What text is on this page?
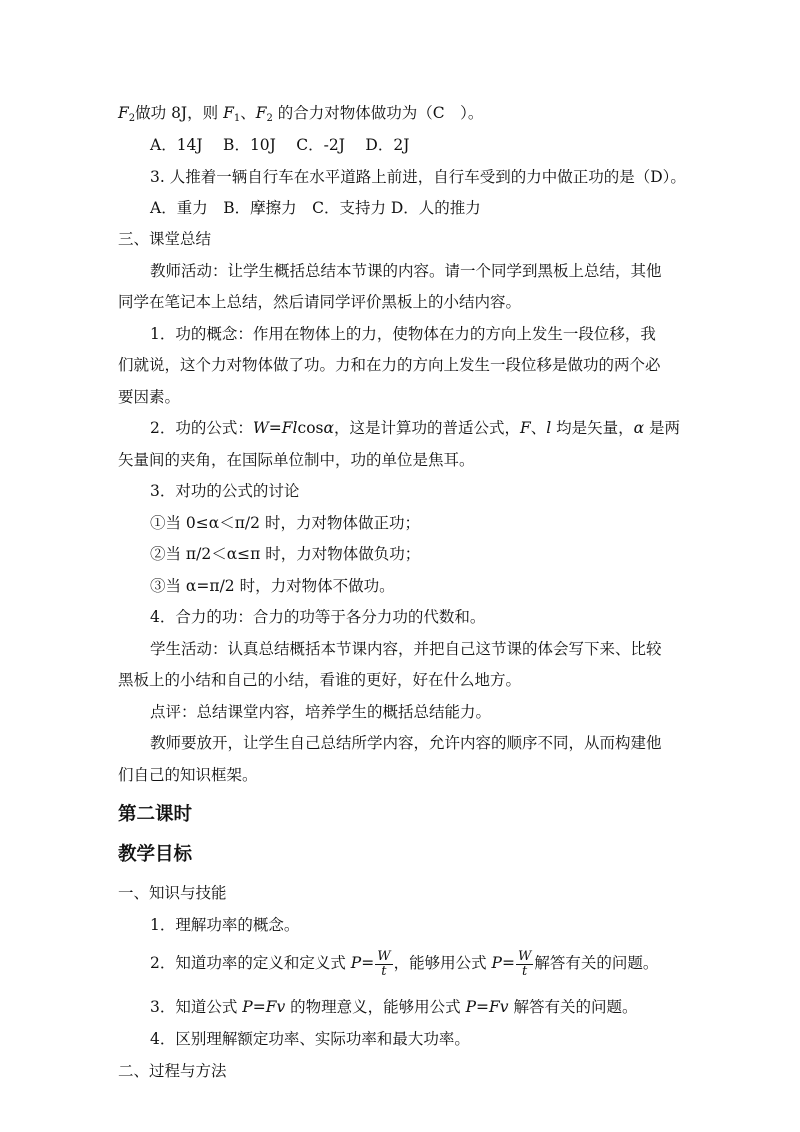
$F_2$做功 8J，则 $F_1$、$F_2$ 的合力对物体做功为（C　）。
A．14J　 B．10J　 C．-2J　 D．2J
3. 人推着一辆自行车在水平道路上前进，自行车受到的力中做正功的是（D）。
A．重力　B．摩擦力　C．支持力 D．人的推力
三、课堂总结
教师活动：让学生概括总结本节课的内容。请一个同学到黑板上总结，其他
同学在笔记本上总结，然后请同学评价黑板上的小结内容。
1．功的概念：作用在物体上的力，使物体在力的方向上发生一段位移，我
们就说，这个力对物体做了功。力和在力的方向上发生一段位移是做功的两个必
要因素。
2．功的公式：W=Flcosα，这是计算功的普适公式，F、l 均是矢量，α 是两
矢量间的夹角，在国际单位制中，功的单位是焦耳。
3．对功的公式的讨论
①当 0≤α＜π/2 时，力对物体做正功；
②当 π/2＜α≤π 时，力对物体做负功；
③当 α=π/2 时，力对物体不做功。
4．合力的功：合力的功等于各分力功的代数和。
学生活动：认真总结概括本节课内容，并把自己这节课的体会写下来、比较
黑板上的小结和自己的小结，看谁的更好，好在什么地方。
点评：总结课堂内容，培养学生的概括总结能力。
教师要放开，让学生自己总结所学内容，允许内容的顺序不同，从而构建他
们自己的知识框架。
第二课时
教学目标
一、知识与技能
1．理解功率的概念。
2．知道功率的定义和定义式 $P= \frac{W}{t}$ ，能够用公式 $P= \frac{W}{t}$ 解答有关的问题。
3．知道公式 P=Fv 的物理意义，能够用公式 P=Fv 解答有关的问题。
4．区别理解额定功率、实际功率和最大功率。
二、过程与方法
